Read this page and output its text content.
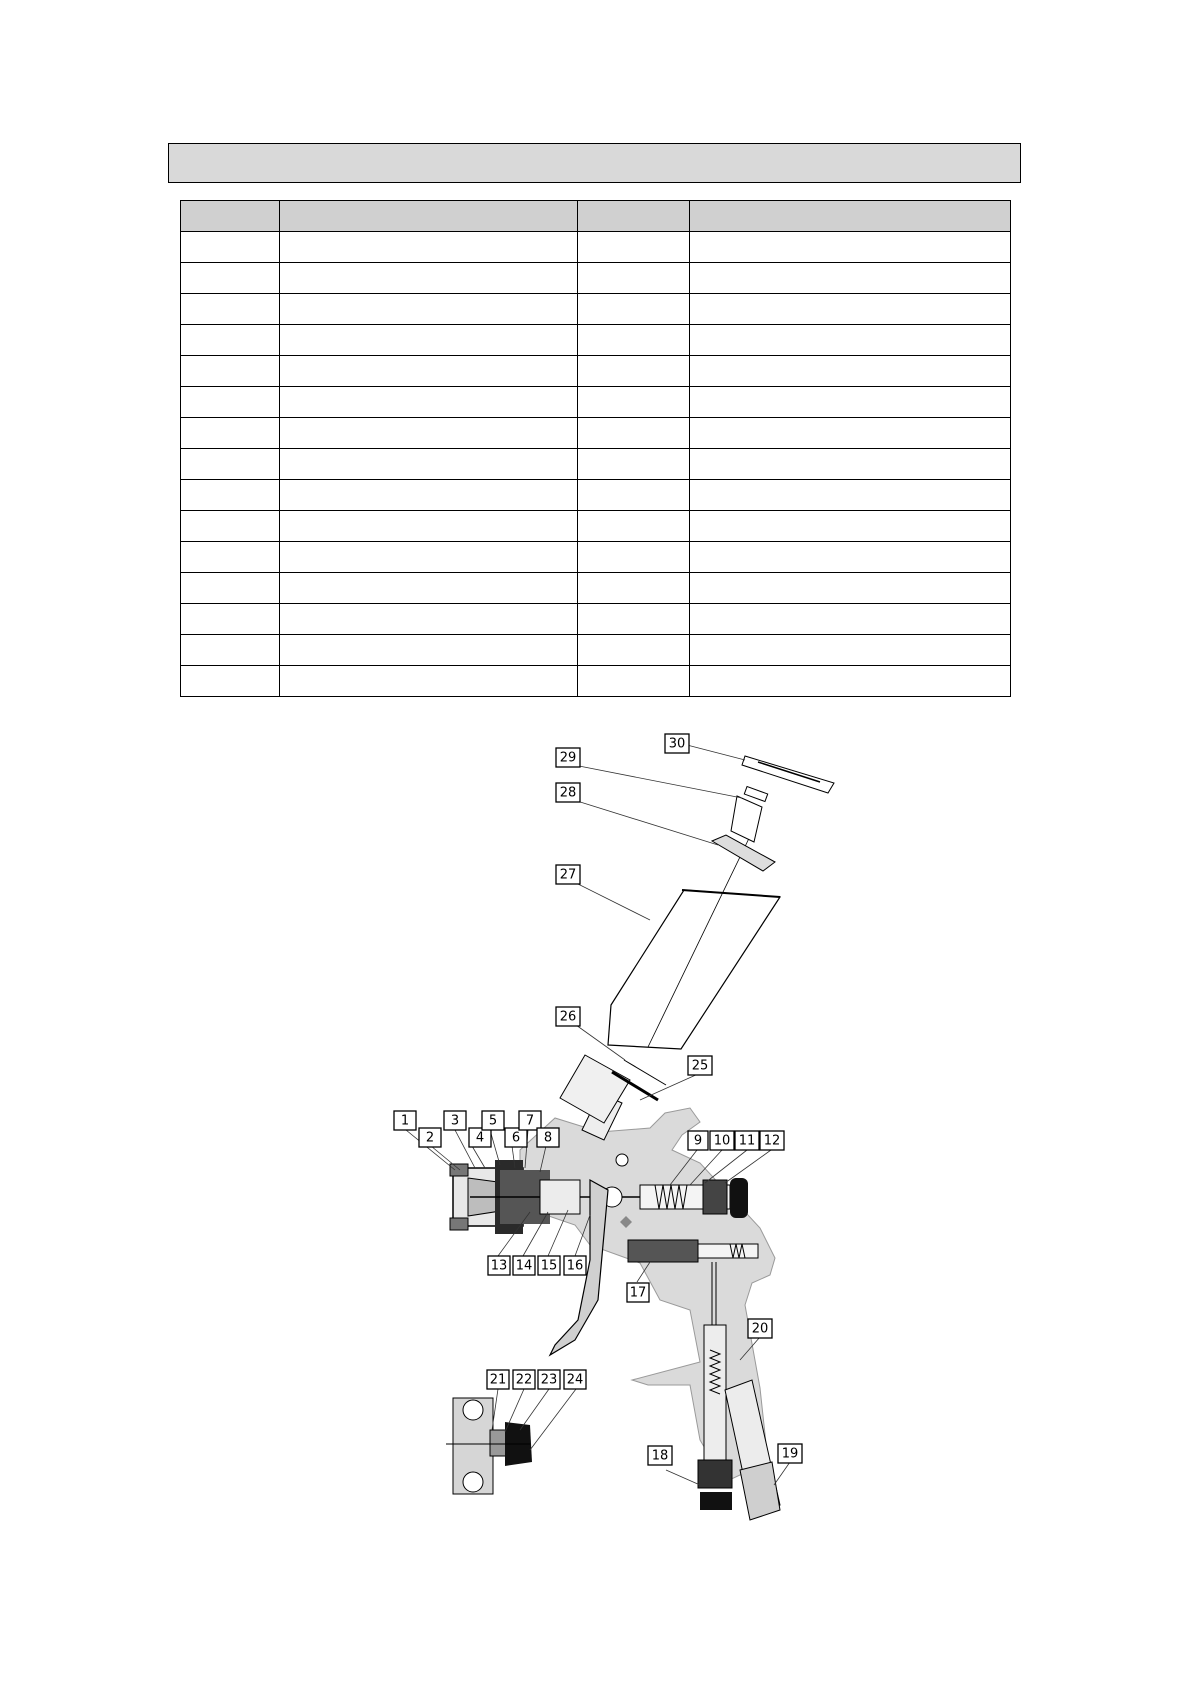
1
2
3
4
5
6
7
8	9 10 11 12
13 14 15 16
17
18	19
20
21 22 23 24
25
26
27
28
29
30
